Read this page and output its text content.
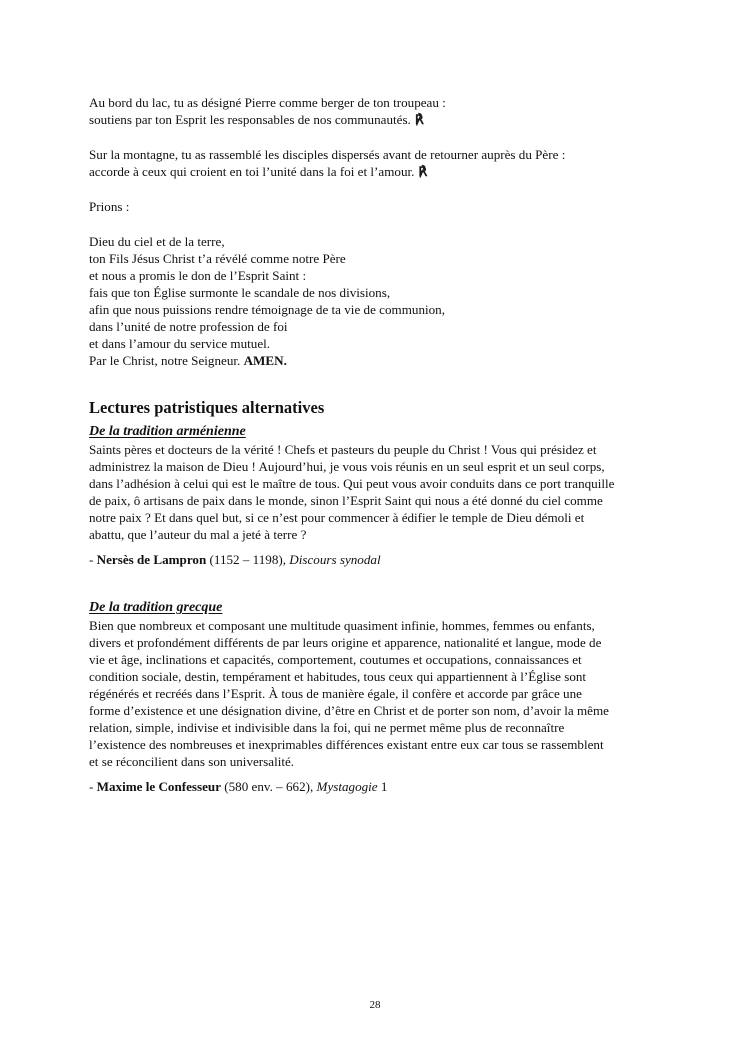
Au bord du lac, tu as désigné Pierre comme berger de ton troupeau :
soutiens par ton Esprit les responsables de nos communautés. ℟
Sur la montagne, tu as rassemblé les disciples dispersés avant de retourner auprès du Père :
accorde à ceux qui croient en toi l’unité dans la foi et l’amour. ℟
Prions :
Dieu du ciel et de la terre,
ton Fils Jésus Christ t’a révélé comme notre Père
et nous a promis le don de l’Esprit Saint :
fais que ton Église surmonte le scandale de nos divisions,
afin que nous puissions rendre témoignage de ta vie de communion,
dans l’unité de notre profession de foi
et dans l’amour du service mutuel.
Par le Christ, notre Seigneur. AMEN.
Lectures patristiques alternatives
De la tradition arménienne
Saints pères et docteurs de la vérité ! Chefs et pasteurs du peuple du Christ ! Vous qui présidez et
administrez la maison de Dieu ! Aujourd’hui, je vous vois réunis en un seul esprit et un seul corps,
dans l’adhésion à celui qui est le maître de tous. Qui peut vous avoir conduits dans ce port tranquille
de paix, ô artisans de paix dans le monde, sinon l’Esprit Saint qui nous a été donné du ciel comme
notre paix ? Et dans quel but, si ce n’est pour commencer à édifier le temple de Dieu démoli et
abattu, que l’auteur du mal a jeté à terre ?
- Nersès de Lampron (1152 – 1198), Discours synodal
De la tradition grecque
Bien que nombreux et composant une multitude quasiment infinie, hommes, femmes ou enfants,
divers et profondément différents de par leurs origine et apparence, nationalité et langue, mode de
vie et âge, inclinations et capacités, comportement, coutumes et occupations, connaissances et
condition sociale, destin, tempérament et habitudes, tous ceux qui appartiennent à l’Église sont
régénérés et recréés dans l’Esprit. À tous de manière égale, il confère et accorde par grâce une
forme d’existence et une désignation divine, d’être en Christ et de porter son nom, d’avoir la même
relation, simple, indivise et indivisible dans la foi, qui ne permet même plus de reconnaître
l’existence des nombreuses et inexprimables différences existant entre eux car tous se rassemblent
et se réconcilient dans son universalité.
- Maxime le Confesseur (580 env. – 662), Mystagogie 1
28
